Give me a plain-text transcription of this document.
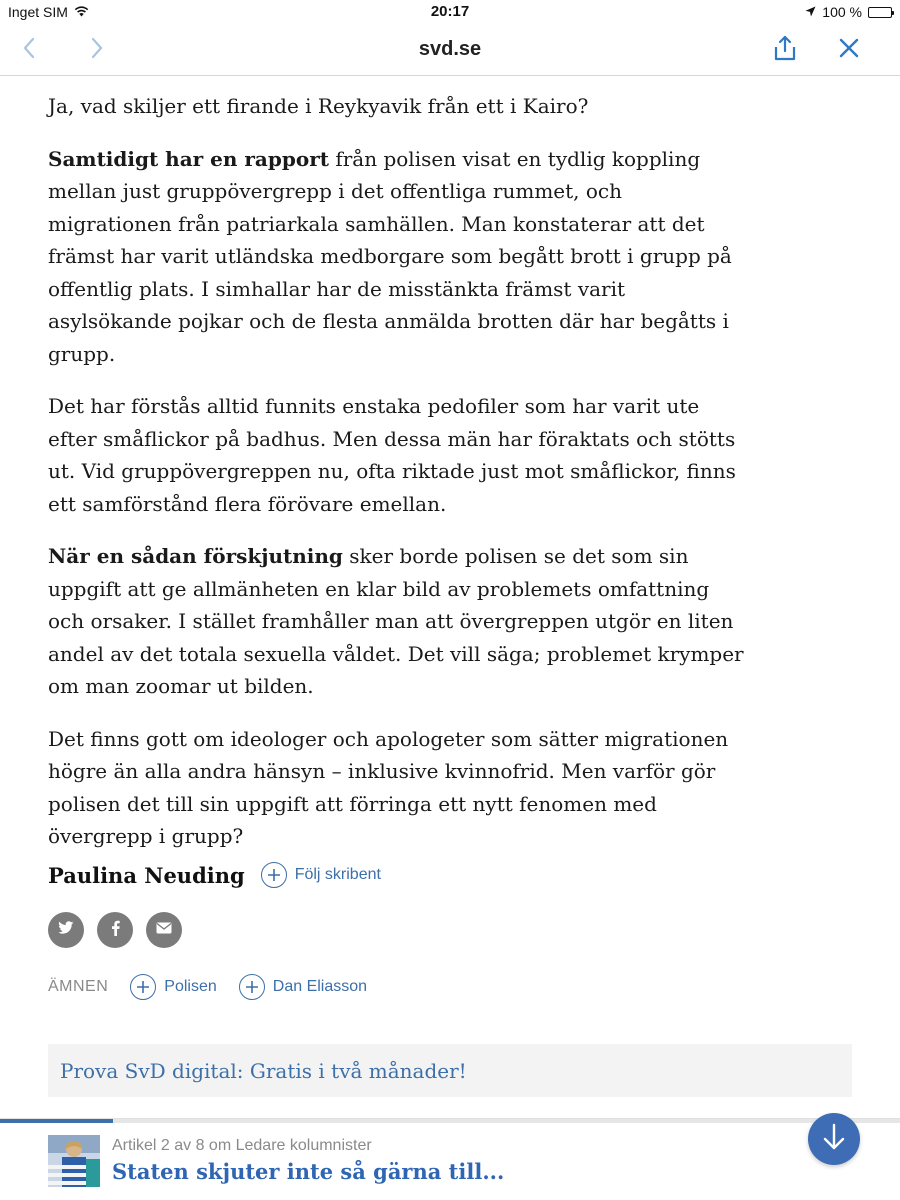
Inget SIM	20:17	100 %
svd.se

Ja, vad skiljer ett firande i Reykyavik från ett i Kairo?

Samtidigt har en rapport från polisen visat en tydlig koppling mellan just gruppövergrepp i det offentliga rummet, och migrationen från patriarkala samhällen. Man konstaterar att det främst har varit utländska medborgare som begått brott i grupp på offentlig plats. I simhallar har de misstänkta främst varit asylsökande pojkar och de flesta anmälda brotten där har begåtts i grupp.

Det har förstås alltid funnits enstaka pedofiler som har varit ute efter småflickor på badhus. Men dessa män har föraktats och stötts ut. Vid gruppövergreppen nu, ofta riktade just mot småflickor, finns ett samförstånd flera förövare emellan.

När en sådan förskjutning sker borde polisen se det som sin uppgift att ge allmänheten en klar bild av problemets omfattning och orsaker. I stället framhåller man att övergreppen utgör en liten andel av det totala sexuella våldet. Det vill säga; problemet krymper om man zoomar ut bilden.

Det finns gott om ideologer och apologeter som sätter migrationen högre än alla andra hänsyn – inklusive kvinnofrid. Men varför gör polisen det till sin uppgift att förringa ett nytt fenomen med övergrepp i grupp?

Paulina Neuding	Följ skribent
ÄMNEN	Polisen	Dan Eliasson
Prova SvD digital: Gratis i två månader!
Artikel 2 av 8 om Ledare kolumnister
Staten skjuter inte så gärna till...
